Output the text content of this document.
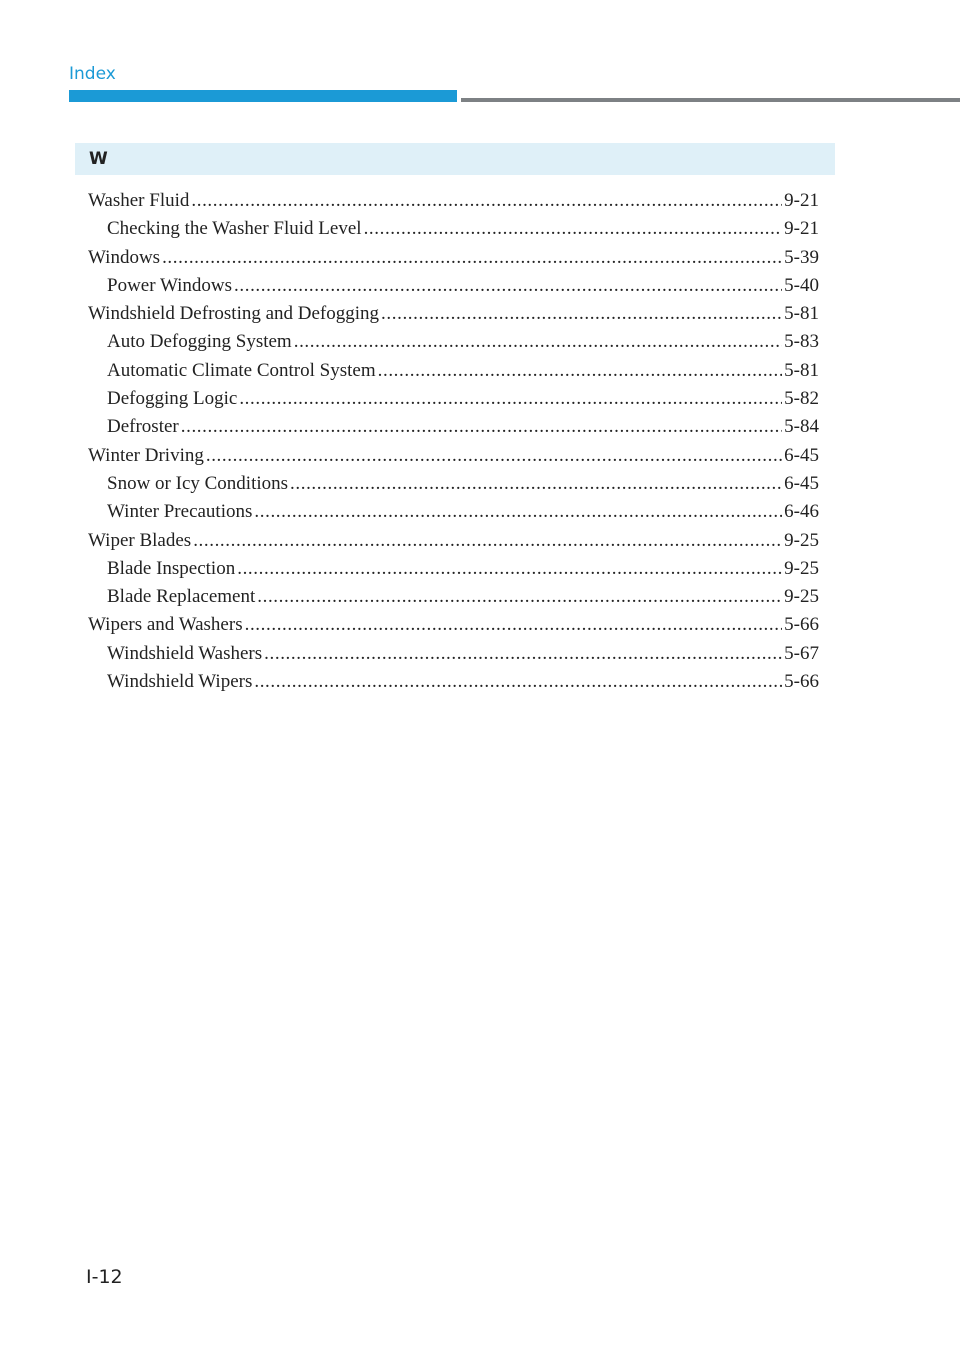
Index
W
Washer Fluid .....	9-21
Checking the Washer Fluid Level .....	9-21
Windows .....	5-39
Power Windows .....	5-40
Windshield Defrosting and Defogging .....	5-81
Auto Defogging System .....	5-83
Automatic Climate Control System .....	5-81
Defogging Logic .....	5-82
Defroster .....	5-84
Winter Driving .....	6-45
Snow or Icy Conditions .....	6-45
Winter Precautions .....	6-46
Wiper Blades .....	9-25
Blade Inspection .....	9-25
Blade Replacement .....	9-25
Wipers and Washers .....	5-66
Windshield Washers .....	5-67
Windshield Wipers .....	5-66
I-12
